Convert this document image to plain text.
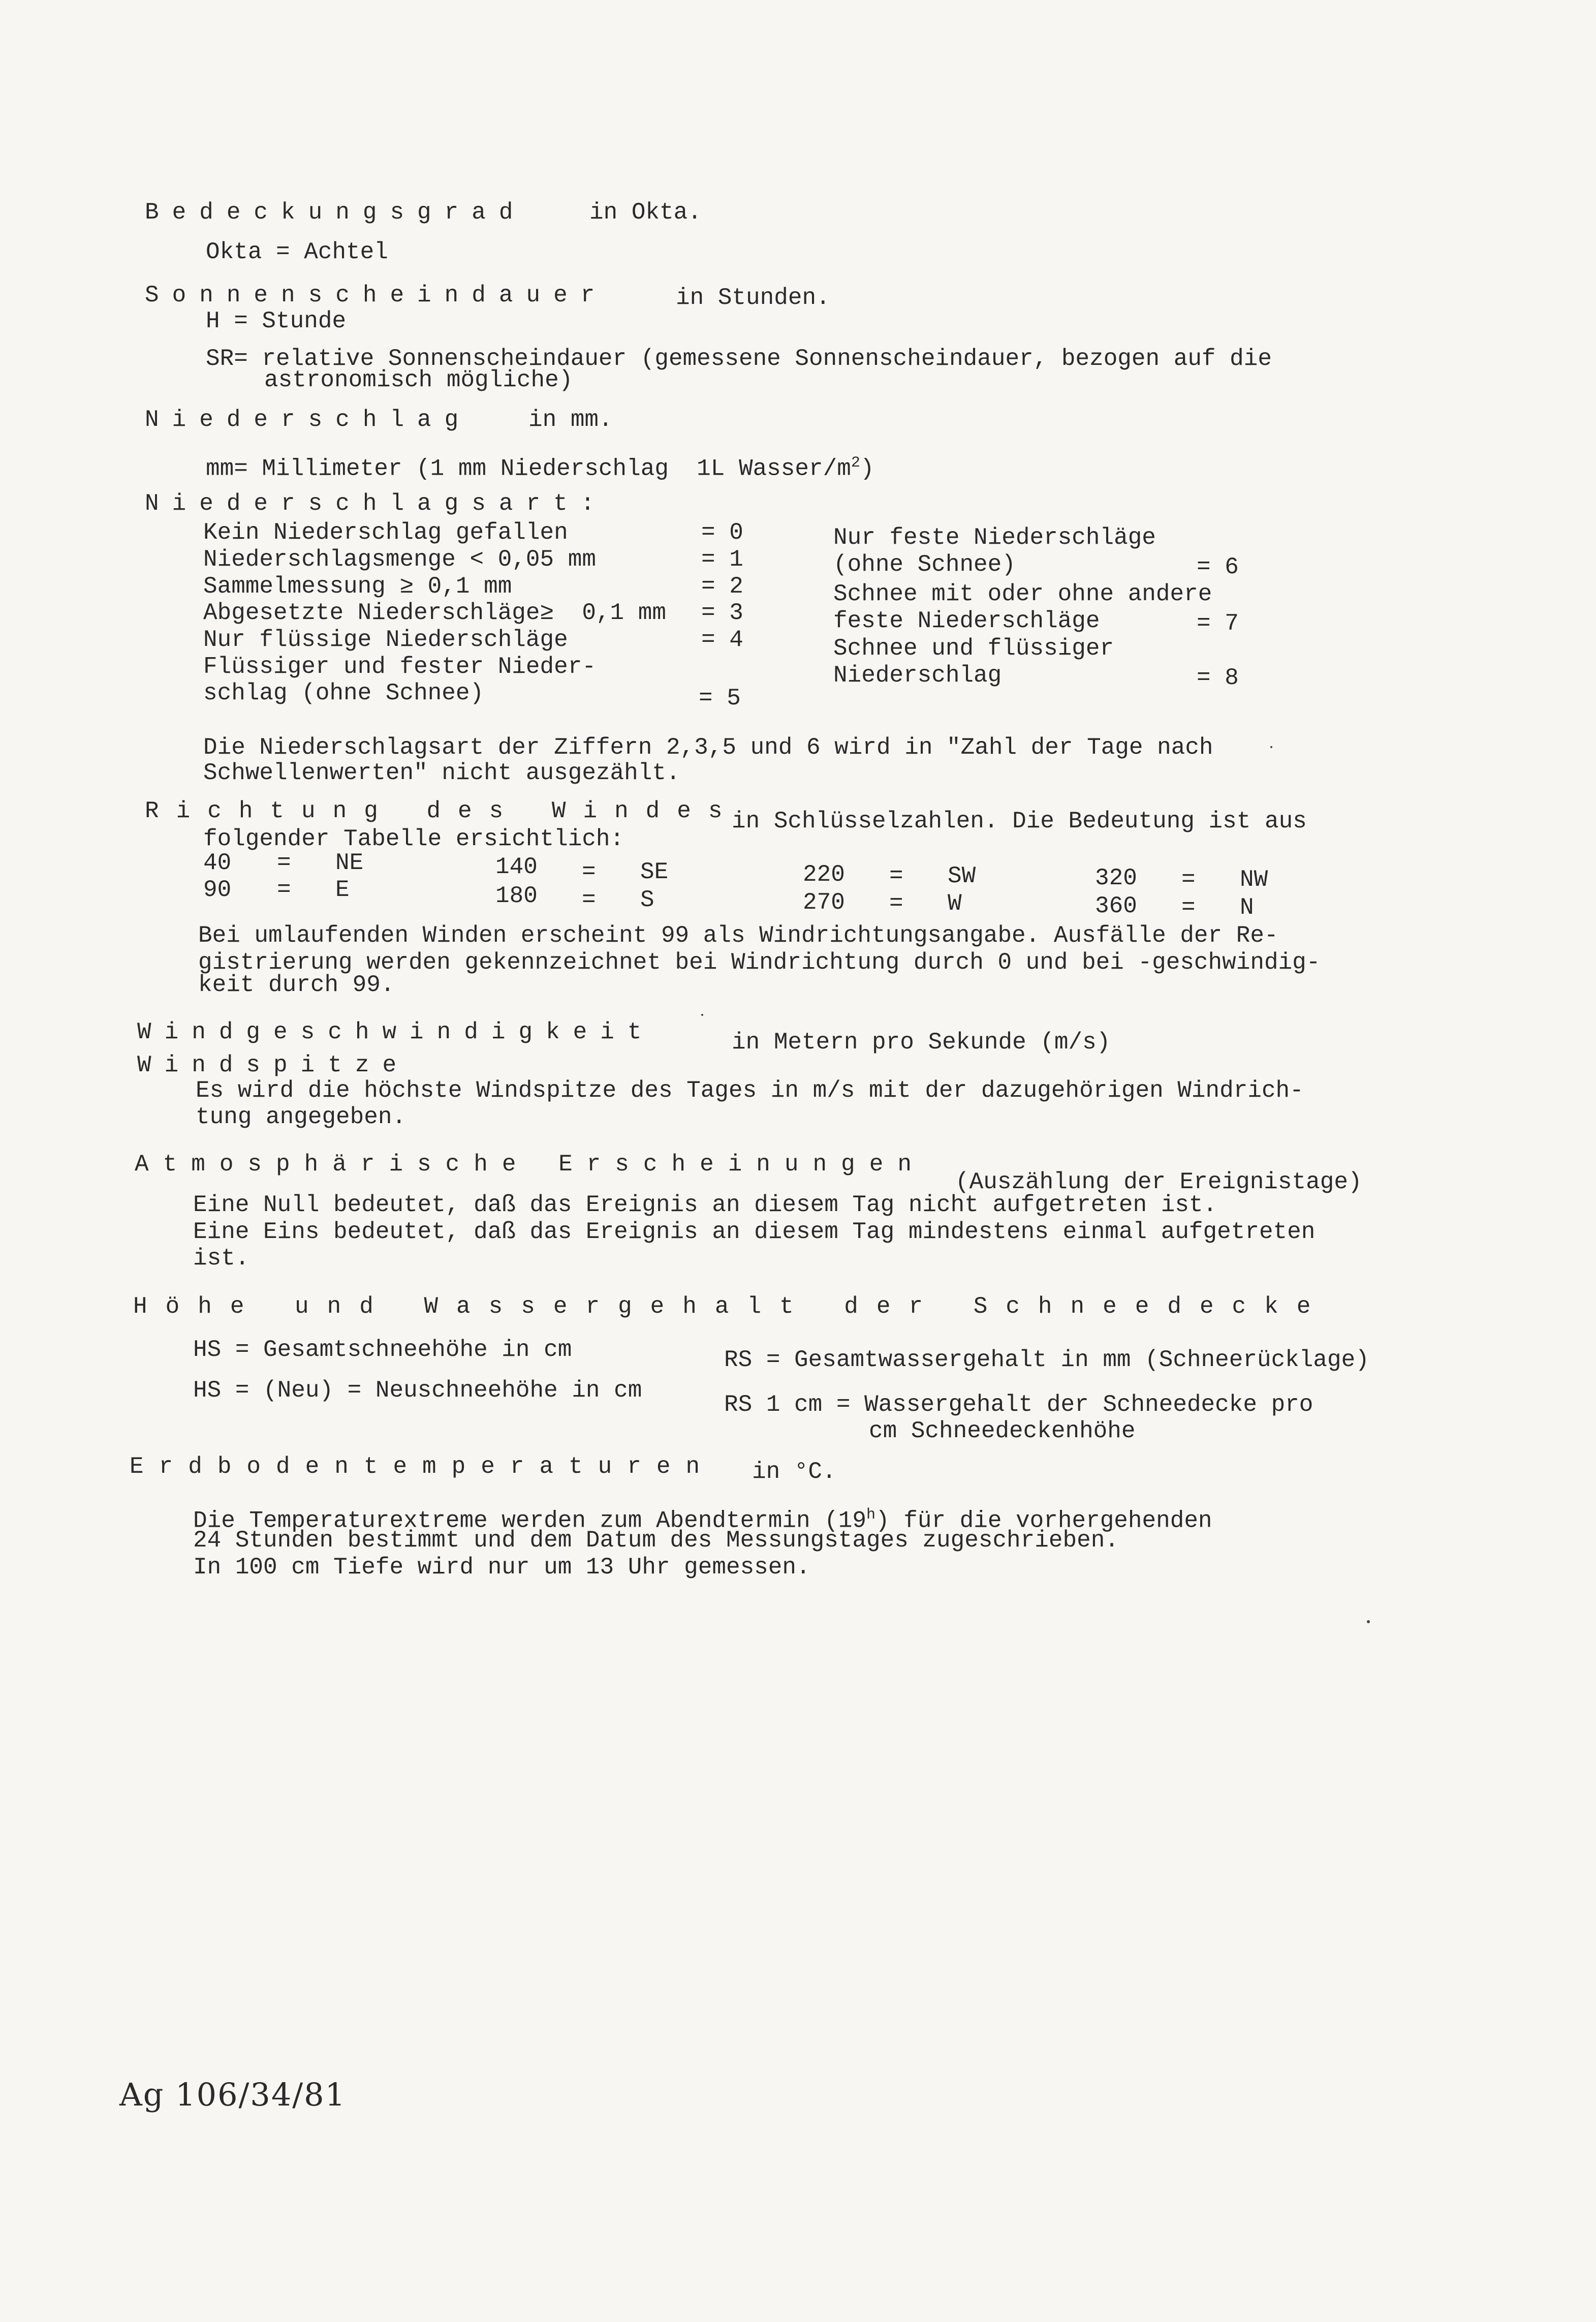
Bedeckungsgrad	in Okta.
Okta = Achtel
Sonnenscheindauer	in Stunden.
H = Stunde
SR= relative Sonnenscheindauer (gemessene Sonnenscheindauer, bezogen auf die
astronomisch mögliche)
Niederschlag in mm.
mm= Millimeter (1 mm Niederschlag  1L Wasser/$m^2$)
Niederschlagsart:
Kein Niederschlag gefallen	= 0
Niederschlagsmenge < 0,05 mm	= 1
Sammelmessung ≥ 0,1 mm	= 2
Abgesetzte Niederschläge≥  0,1 mm = 3
Nur flüssige Niederschläge	= 4
Flüssiger und fester Nieder-
schlag (ohne Schnee)	= 5
Nur feste Niederschläge
(ohne Schnee)	= 6
Schnee mit oder ohne andere
feste Niederschläge	= 7
Schnee und flüssiger
Niederschlag	= 8
Die Niederschlagsart der Ziffern 2,3,5 und 6 wird in "Zahl der Tage nach
Schwellenwerten" nicht ausgezählt.
Richtung des Windes
in Schlüsselzahlen. Die Bedeutung ist aus
folgender Tabelle ersichtlich:
40 = NE
90 = E
140 = SE
180 = S
220 = SW
270 = W
320 = NW
360 = N
Bei umlaufenden Winden erscheint 99 als Windrichtungsangabe. Ausfälle der Re-
gistrierung werden gekennzeichnet bei Windrichtung durch 0 und bei -geschwindig-
keit durch 99.
Windgeschwindigkeit	in Metern pro Sekunde (m/s)
Windspitze
Es wird die höchste Windspitze des Tages in m/s mit der dazugehörigen Windrich-
tung angegeben.
Atmosphärische Erscheinungen
(Auszählung der Ereignistage)
Eine Null bedeutet, daß das Ereignis an diesem Tag nicht aufgetreten ist.
Eine Eins bedeutet, daß das Ereignis an diesem Tag mindestens einmal aufgetreten
ist.
Höhe und Wassergehalt der Schneedecke
HS = Gesamtschneehöhe in cm
HS = (Neu) = Neuschneehöhe in cm
RS = Gesamtwassergehalt in mm (Schneerücklage)
RS 1 cm = Wassergehalt der Schneedecke pro
cm Schneedeckenhöhe
Erdbodentemperaturen in °C.
Die Temperaturextreme werden zum Abendtermin (19$^h$) für die vorhergehenden
24 Stunden bestimmt und dem Datum des Messungstages zugeschrieben.
In 100 cm Tiefe wird nur um 13 Uhr gemessen.
Ag 106/34/81
